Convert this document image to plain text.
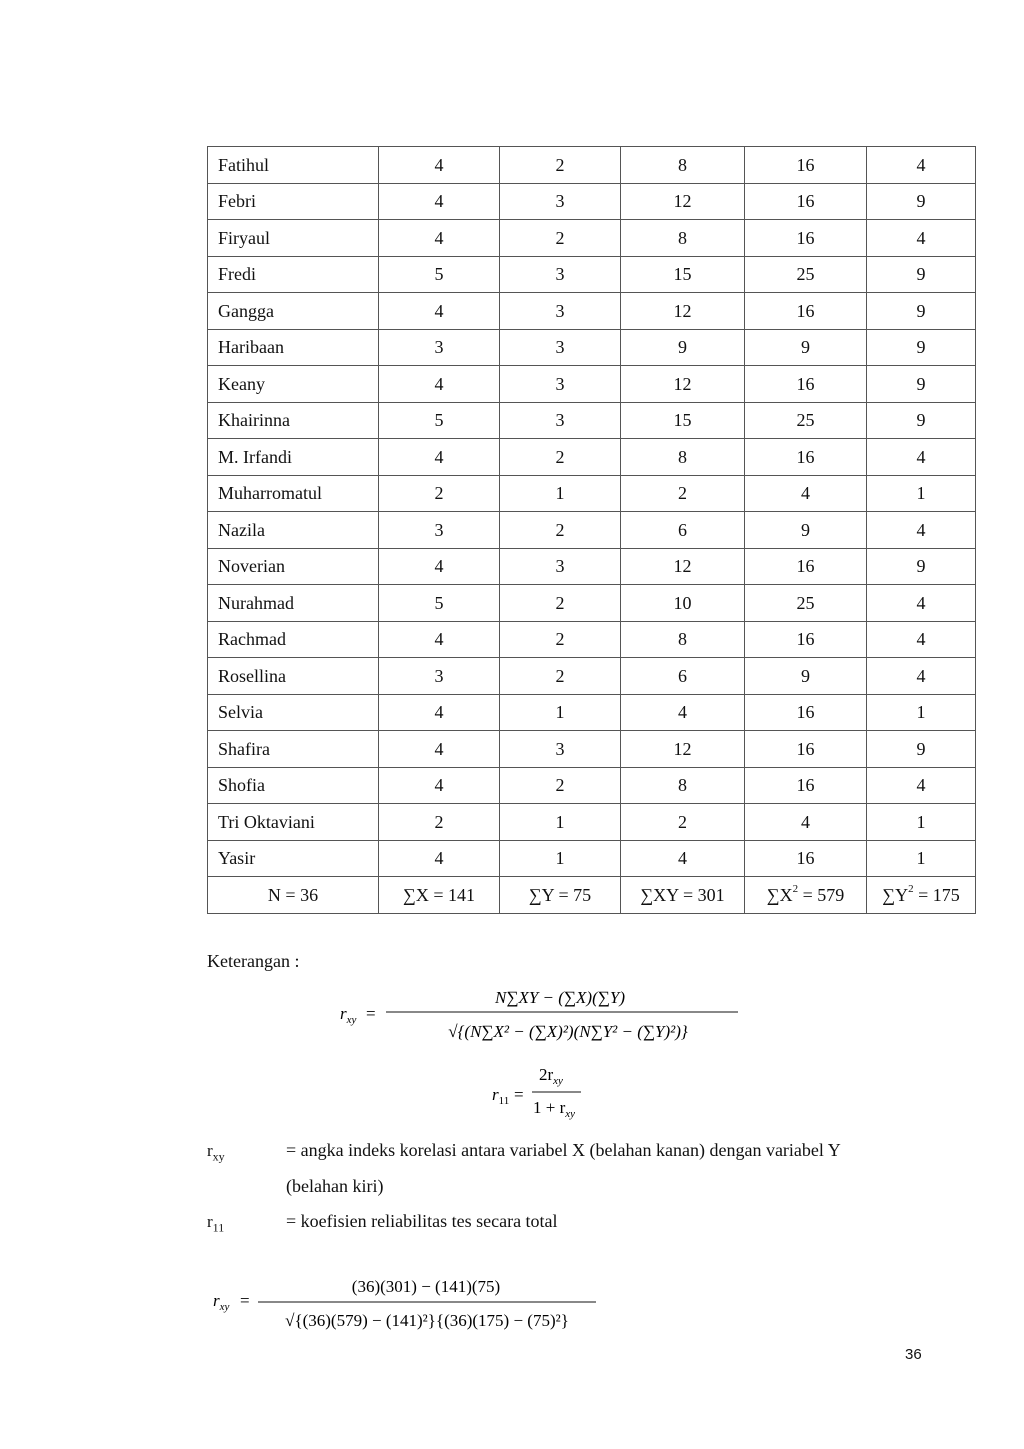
Fatihul	4	2	8	16	4
Febri	4	3	12	16	9
Firyaul	4	2	8	16	4
Fredi	5	3	15	25	9
Gangga	4	3	12	16	9
Haribaan	3	3	9	9	9
Keany	4	3	12	16	9
Khairinna	5	3	15	25	9
M. Irfandi	4	2	8	16	4
Muharromatul	2	1	2	4	1
Nazila	3	2	6	9	4
Noverian	4	3	12	16	9
Nurahmad	5	2	10	25	4
Rachmad	4	2	8	16	4
Rosellina	3	2	6	9	4
Selvia	4	1	4	16	1
Shafira	4	3	12	16	9
Shofia	4	2	8	16	4
Tri Oktaviani	2	1	2	4	1
Yasir	4	1	4	16	1
N = 36	∑X = 141	∑Y = 75	∑XY = 301	$\sum X^2 = 579$	$\sum Y^2 = 175$
Keterangan :
$r_{xy}$ =
N∑XY − (∑X)(∑Y)
√{(N∑X² − (∑X)²)(N∑Y² − (∑Y)²)}
$r_{11}$ =
$2r_{xy}$
$1 + r_{xy}$
$r_{xy}$ =
(36)(301) − (141)(75)
√{(36)(579) − (141)²}{(36)(175) − (75)²}
$r_{xy}$	= angka indeks korelasi antara variabel X (belahan kanan) dengan variabel Y
(belahan kiri)
$r_{11}$	= koefisien reliabilitas tes secara total
36
